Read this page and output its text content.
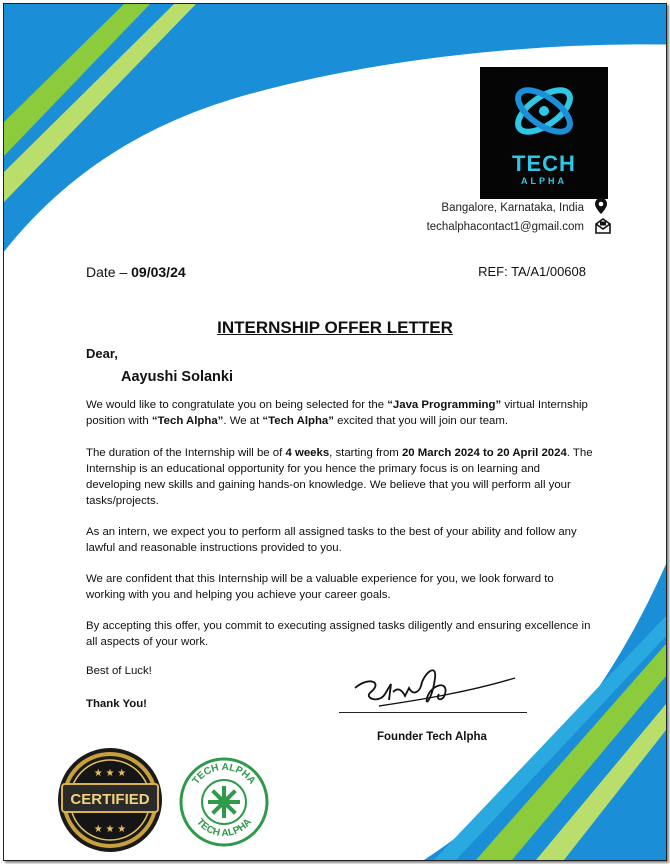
TECH
ALPHA
Bangalore, Karnataka, India
techalphacontact1@gmail.com
Date – 09/03/24	REF: TA/A1/00608
INTERNSHIP OFFER LETTER
Dear,
Aayushi Solanki
We would like to congratulate you on being selected for the “Java Programming” virtual Internship position with “Tech Alpha”. We at “Tech Alpha” excited that you will join our team.
The duration of the Internship will be of 4 weeks, starting from 20 March 2024 to 20 April 2024. The Internship is an educational opportunity for you hence the primary focus is on learning and developing new skills and gaining hands-on knowledge. We believe that you will perform all your tasks/projects.
As an intern, we expect you to perform all assigned tasks to the best of your ability and follow any lawful and reasonable instructions provided to you.
We are confident that this Internship will be a valuable experience for you, we look forward to working with you and helping you achieve your career goals.
By accepting this offer, you commit to executing assigned tasks diligently and ensuring excellence in all aspects of your work.
Best of Luck!
Thank You!
Founder Tech Alpha
CERTIFIED
★ ★ ★
★ ★ ★
TECH ALPHA
TECH ALPHA
